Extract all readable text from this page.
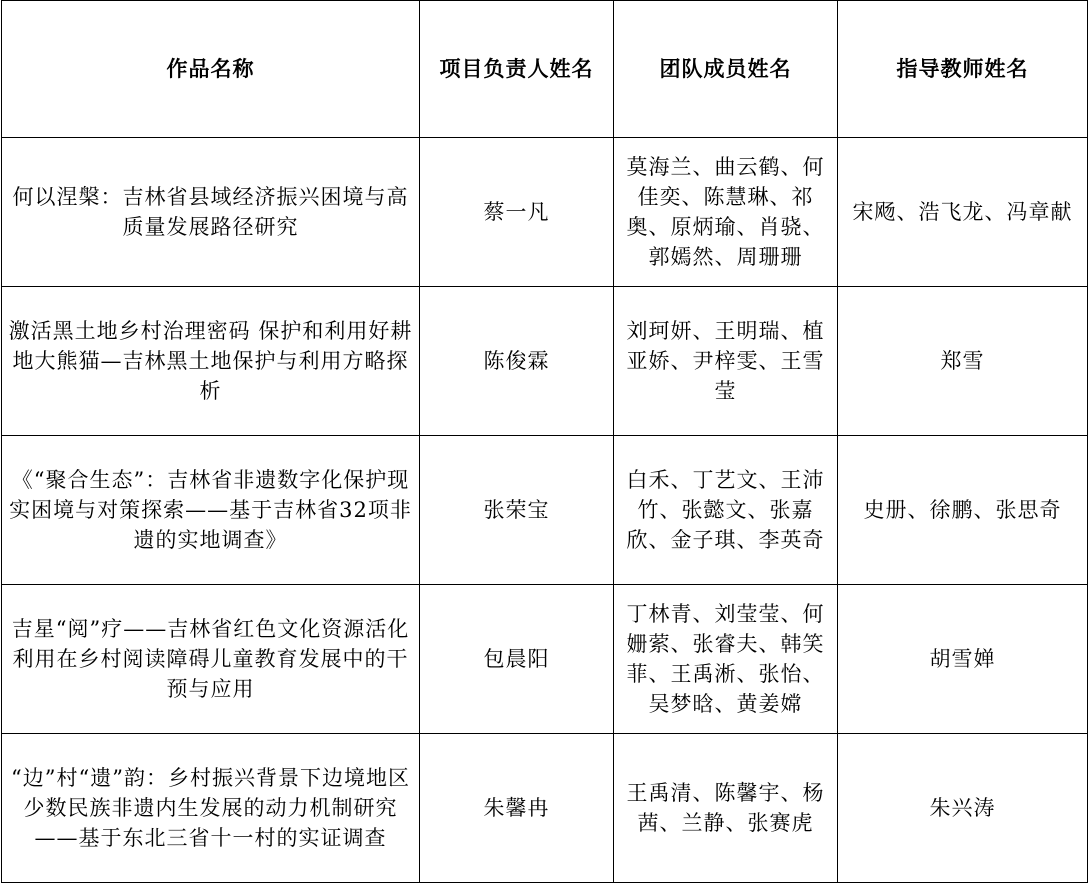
作品名称	项目负责人姓名	团队成员姓名	指导教师姓名
何以涅槃：吉林省县域经济振兴困境与高质量发展路径研究	蔡一凡	莫海兰、曲云鹤、何佳奕、陈慧琳、祁奥、原炳瑜、肖骁、郭嫣然、周珊珊	宋飏、浩飞龙、冯章献
激活黑土地乡村治理密码 保护和利用好耕地大熊猫—吉林黑土地保护与利用方略探析	陈俊霖	刘珂妍、王明瑞、植亚娇、尹梓雯、王雪莹	郑雪
《“聚合生态”：吉林省非遗数字化保护现实困境与对策探索——基于吉林省32项非遗的实地调查》	张荣宝	白禾、丁艺文、王沛竹、张懿文、张嘉欣、金子琪、李英奇	史册、徐鹏、张思奇
吉星“阅”疗——吉林省红色文化资源活化利用在乡村阅读障碍儿童教育发展中的干预与应用	包晨阳	丁林青、刘莹莹、何姗萦、张睿夫、韩笑菲、王禹淅、张怡、吴梦晗、黄姜嫦	胡雪婵
“边”村“遗”韵：乡村振兴背景下边境地区少数民族非遗内生发展的动力机制研究——基于东北三省十一村的实证调查	朱馨冉	王禹清、陈馨宇、杨茜、兰静、张赛虎	朱兴涛
